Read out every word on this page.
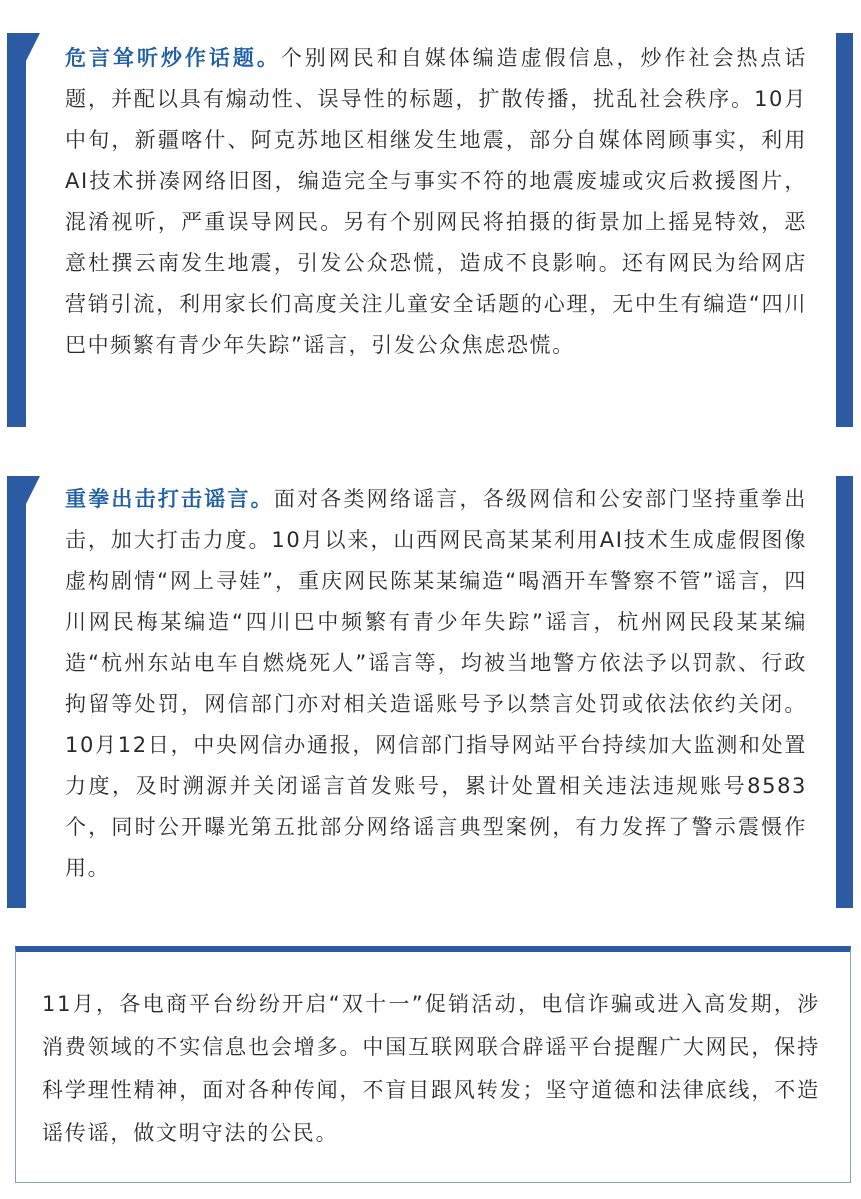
危言耸听炒作话题。个别网民和自媒体编造虚假信息，炒作社会热点话题，并配以具有煽动性、误导性的标题，扩散传播，扰乱社会秩序。10月中旬，新疆喀什、阿克苏地区相继发生地震，部分自媒体罔顾事实，利用AI技术拼凑网络旧图，编造完全与事实不符的地震废墟或灾后救援图片，混淆视听，严重误导网民。另有个别网民将拍摄的街景加上摇晃特效，恶意杜撰云南发生地震，引发公众恐慌，造成不良影响。还有网民为给网店营销引流，利用家长们高度关注儿童安全话题的心理，无中生有编造“四川巴中频繁有青少年失踪”谣言，引发公众焦虑恐慌。

重拳出击打击谣言。面对各类网络谣言，各级网信和公安部门坚持重拳出击，加大打击力度。10月以来，山西网民高某某利用AI技术生成虚假图像虚构剧情“网上寻娃”，重庆网民陈某某编造“喝酒开车警察不管”谣言，四川网民梅某编造“四川巴中频繁有青少年失踪”谣言，杭州网民段某某编造“杭州东站电车自燃烧死人”谣言等，均被当地警方依法予以罚款、行政拘留等处罚，网信部门亦对相关造谣账号予以禁言处罚或依法依约关闭。10月12日，中央网信办通报，网信部门指导网站平台持续加大监测和处置力度，及时溯源并关闭谣言首发账号，累计处置相关违法违规账号8583个，同时公开曝光第五批部分网络谣言典型案例，有力发挥了警示震慑作用。

11月，各电商平台纷纷开启“双十一”促销活动，电信诈骗或进入高发期，涉消费领域的不实信息也会增多。中国互联网联合辟谣平台提醒广大网民，保持科学理性精神，面对各种传闻，不盲目跟风转发；坚守道德和法律底线，不造谣传谣，做文明守法的公民。
